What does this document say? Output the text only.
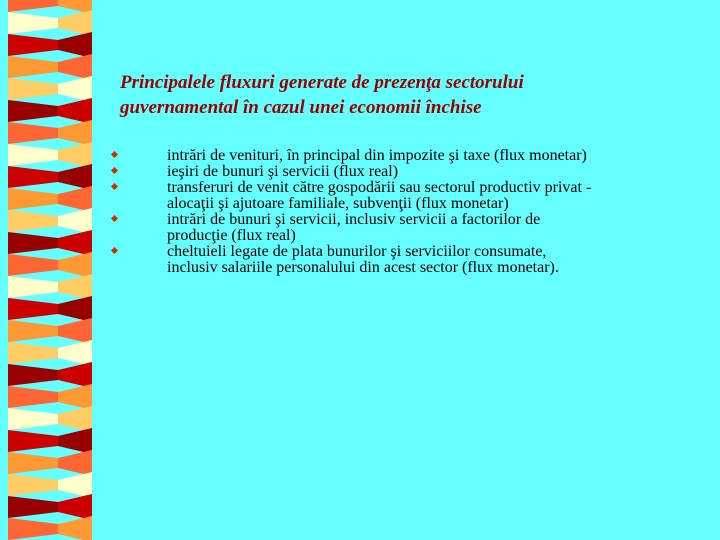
Principalele fluxuri generate de prezenţa sectorului
guvernamental în cazul unei economii închise
intrări de venituri, în principal din impozite şi taxe (flux monetar)
ieşiri de bunuri şi servicii (flux real)
transferuri de venit către gospodării sau sectorul productiv privat - alocaţii şi ajutoare familiale, subvenţii (flux monetar)
intrări de bunuri şi servicii, inclusiv servicii a factorilor de producţie (flux real)
cheltuieli legate de plata bunurilor şi serviciilor consumate, inclusiv salariile personalului din acest sector (flux monetar).
